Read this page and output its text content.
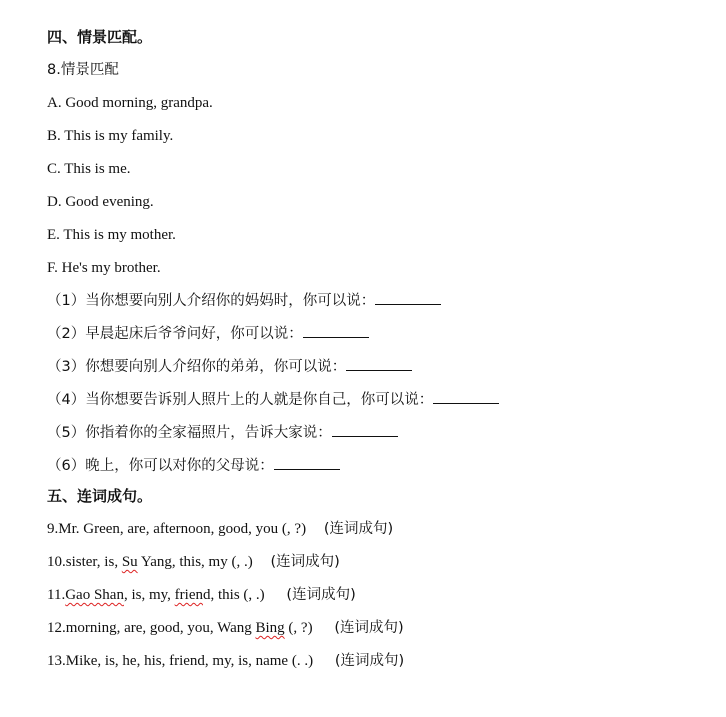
四、情景匹配。
8.情景匹配
A. Good morning, grandpa.
B. This is my family.
C. This is me.
D. Good evening.
E. This is my mother.
F. He's my brother.
（1）当你想要向别人介绍你的妈妈时，你可以说：
（2）早晨起床后爷爷问好，你可以说：
（3）你想要向别人介绍你的弟弟，你可以说：
（4）当你想要告诉别人照片上的人就是你自己，你可以说：
（5）你指着你的全家福照片，告诉大家说：
（6）晚上，你可以对你的父母说：
五、连词成句。
9.Mr. Green, are, afternoon, good, you (, ?) (连词成句)
10.sister, is, Su Yang, this, my (, .) (连词成句)
11.Gao Shan, is, my, friend, this (, .) (连词成句)
12.morning, are, good, you, Wang Bing (, ?) (连词成句)
13.Mike, is, he, his, friend, my, is, name (. .) (连词成句)
